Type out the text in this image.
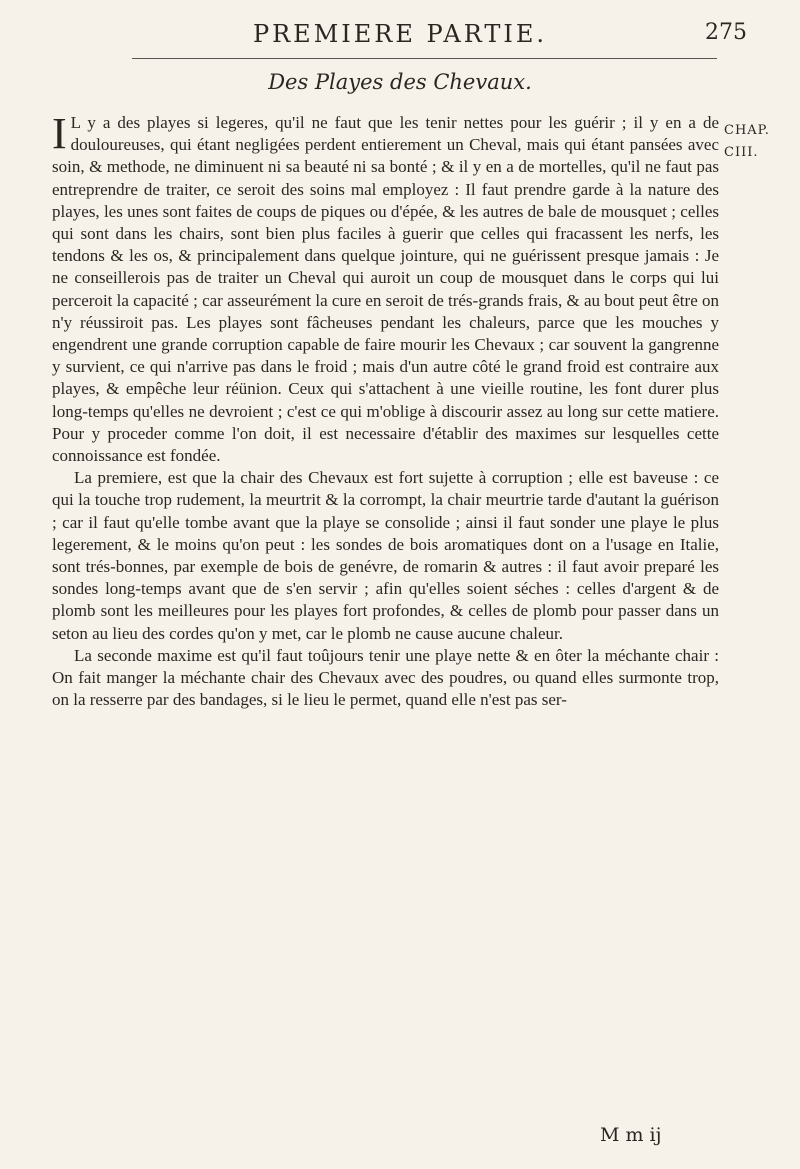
PREMIERE PARTIE.	275
Des Playes des Chevaux.
CHAP.
CIII.

I L y a des playes si legeres, qu'il ne faut que les tenir nettes pour les guérir ; il y en a de douloureuses, qui étant negligées perdent entierement un Cheval, mais qui étant pansées avec soin, & methode, ne diminuent ni sa beauté ni sa bonté ; & il y en a de mortelles, qu'il ne faut pas entreprendre de traiter, ce seroit des soins mal employez : Il faut prendre garde à la nature des playes, les unes sont faites de coups de piques ou d'épée, & les autres de bale de mousquet ; celles qui sont dans les chairs, sont bien plus faciles à guerir que celles qui fracassent les nerfs, les tendons & les os, & principalement dans quelque jointure, qui ne guérissent presque jamais : Je ne conseillerois pas de traiter un Cheval qui auroit un coup de mousquet dans le corps qui lui perceroit la capacité ; car asseurément la cure en seroit de trés-grands frais, & au bout peut être on n'y réussiroit pas. Les playes sont fâcheuses pendant les chaleurs, parce que les mouches y engendrent une grande corruption capable de faire mourir les Chevaux ; car souvent la gangrenne y survient, ce qui n'arrive pas dans le froid ; mais d'un autre côté le grand froid est contraire aux playes, & empêche leur réünion. Ceux qui s'attachent à une vieille routine, les font durer plus long-temps qu'elles ne devroient ; c'est ce qui m'oblige à discourir assez au long sur cette matiere. Pour y proceder comme l'on doit, il est necessaire d'établir des maximes sur lesquelles cette connoissance est fondée.

La premiere, est que la chair des Chevaux est fort sujette à corruption ; elle est baveuse : ce qui la touche trop rudement, la meurtrit & la corrompt, la chair meurtrie tarde d'autant la guérison ; car il faut qu'elle tombe avant que la playe se consolide ; ainsi il faut sonder une playe le plus legerement, & le moins qu'on peut : les sondes de bois aromatiques dont on a l'usage en Italie, sont trés-bonnes, par exemple de bois de genévre, de romarin & autres : il faut avoir preparé les sondes long-temps avant que de s'en servir ; afin qu'elles soient séches : celles d'argent & de plomb sont les meilleures pour les playes fort profondes, & celles de plomb pour passer dans un seton au lieu des cordes qu'on y met, car le plomb ne cause aucune chaleur.

La seconde maxime est qu'il faut toûjours tenir une playe nette & en ôter la méchante chair : On fait manger la méchante chair des Chevaux avec des poudres, ou quand elles surmonte trop, on la resserre par des bandages, si le lieu le permet, quand elle n'est pas ser-

M m ij
